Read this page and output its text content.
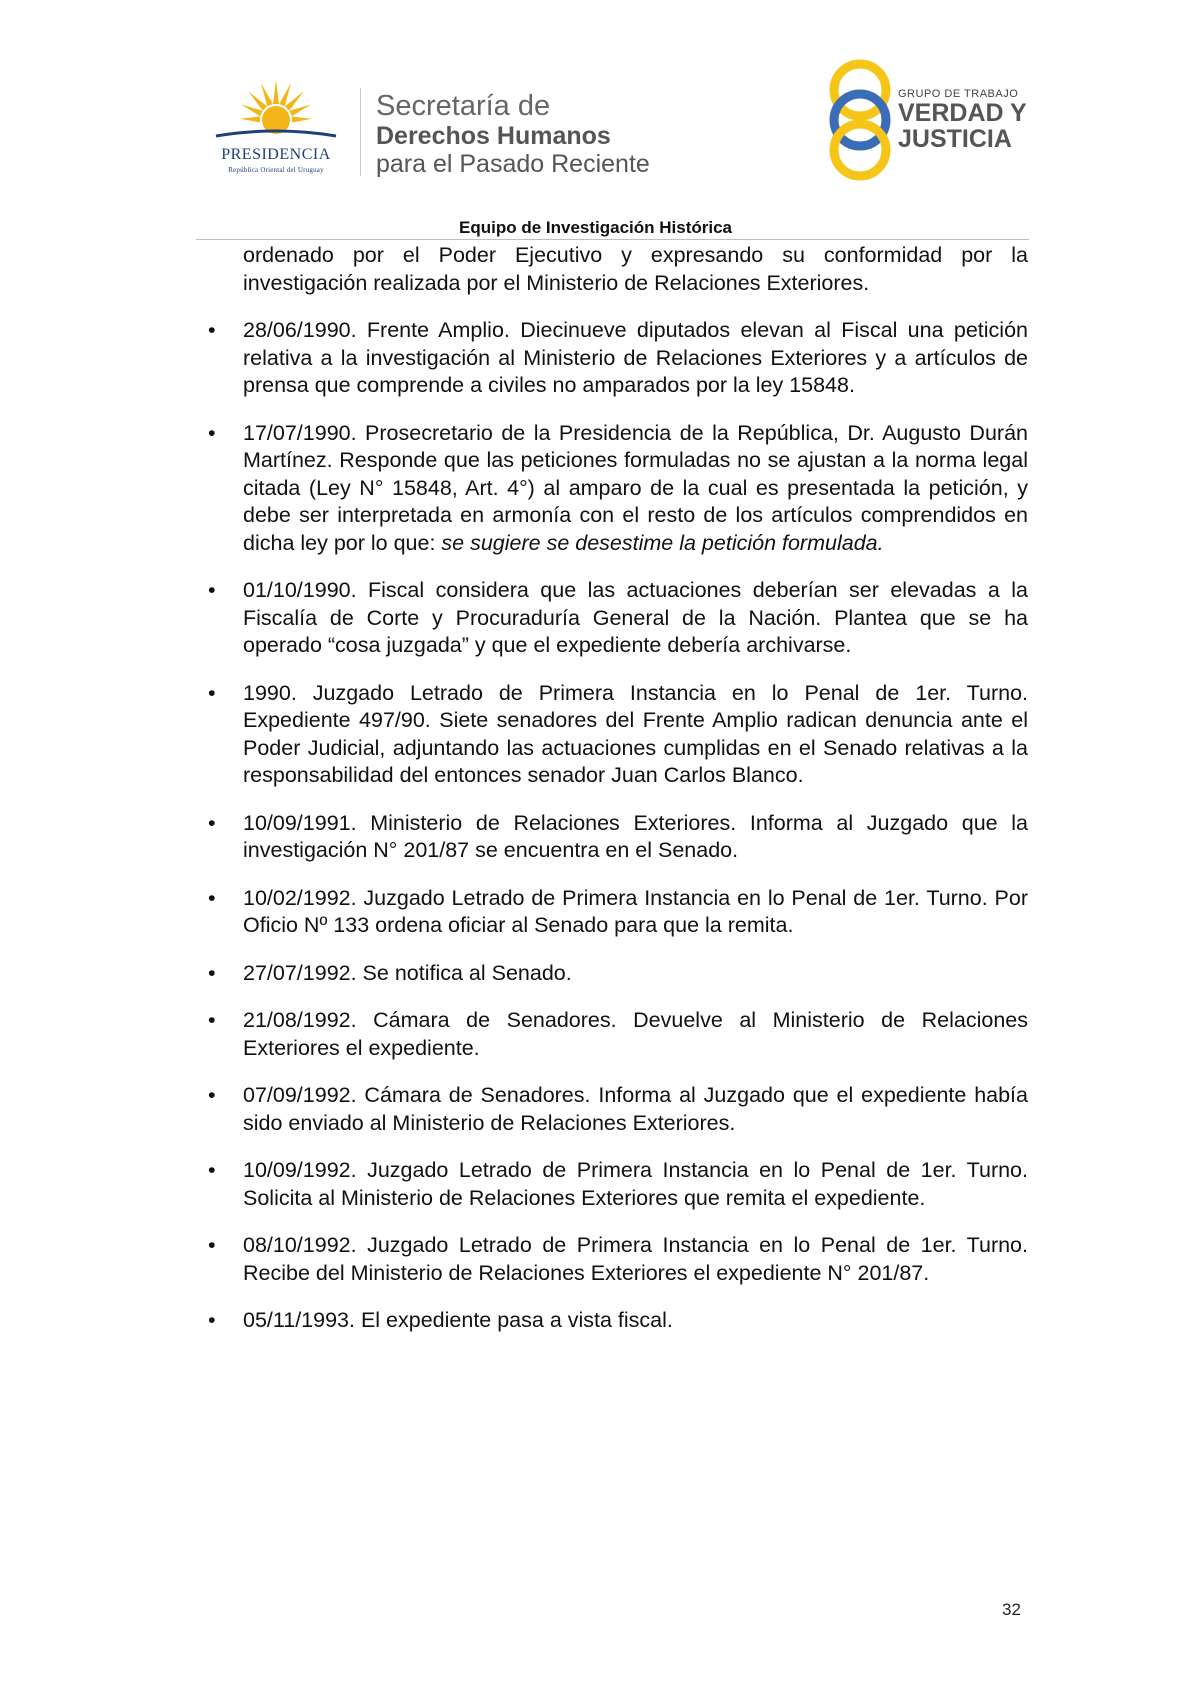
PRESIDENCIA
República Oriental del Uruguay
Secretaría de
Derechos Humanos
para el Pasado Reciente
GRUPO DE TRABAJO
VERDAD Y
JUSTICIA
Equipo de Investigación Histórica

ordenado por el Poder Ejecutivo y expresando su conformidad por la investigación realizada por el Ministerio de Relaciones Exteriores.

• 28/06/1990. Frente Amplio. Diecinueve diputados elevan al Fiscal una petición relativa a la investigación al Ministerio de Relaciones Exteriores y a artículos de prensa que comprende a civiles no amparados por la ley 15848.
• 17/07/1990. Prosecretario de la Presidencia de la República, Dr. Augusto Durán Martínez. Responde que las peticiones formuladas no se ajustan a la norma legal citada (Ley N° 15848, Art. 4°) al amparo de la cual es presentada la petición, y debe ser interpretada en armonía con el resto de los artículos comprendidos en dicha ley por lo que: se sugiere se desestime la petición formulada.
• 01/10/1990. Fiscal considera que las actuaciones deberían ser elevadas a la Fiscalía de Corte y Procuraduría General de la Nación. Plantea que se ha operado “cosa juzgada” y que el expediente debería archivarse.
• 1990. Juzgado Letrado de Primera Instancia en lo Penal de 1er. Turno. Expediente 497/90. Siete senadores del Frente Amplio radican denuncia ante el Poder Judicial, adjuntando las actuaciones cumplidas en el Senado relativas a la responsabilidad del entonces senador Juan Carlos Blanco.
• 10/09/1991. Ministerio de Relaciones Exteriores. Informa al Juzgado que la investigación N° 201/87 se encuentra en el Senado.
• 10/02/1992. Juzgado Letrado de Primera Instancia en lo Penal de 1er. Turno. Por Oficio Nº 133 ordena oficiar al Senado para que la remita.
• 27/07/1992. Se notifica al Senado.
• 21/08/1992. Cámara de Senadores. Devuelve al Ministerio de Relaciones Exteriores el expediente.
• 07/09/1992. Cámara de Senadores. Informa al Juzgado que el expediente había sido enviado al Ministerio de Relaciones Exteriores.
• 10/09/1992. Juzgado Letrado de Primera Instancia en lo Penal de 1er. Turno. Solicita al Ministerio de Relaciones Exteriores que remita el expediente.
• 08/10/1992. Juzgado Letrado de Primera Instancia en lo Penal de 1er. Turno. Recibe del Ministerio de Relaciones Exteriores el expediente N° 201/87.
• 05/11/1993. El expediente pasa a vista fiscal.
32
